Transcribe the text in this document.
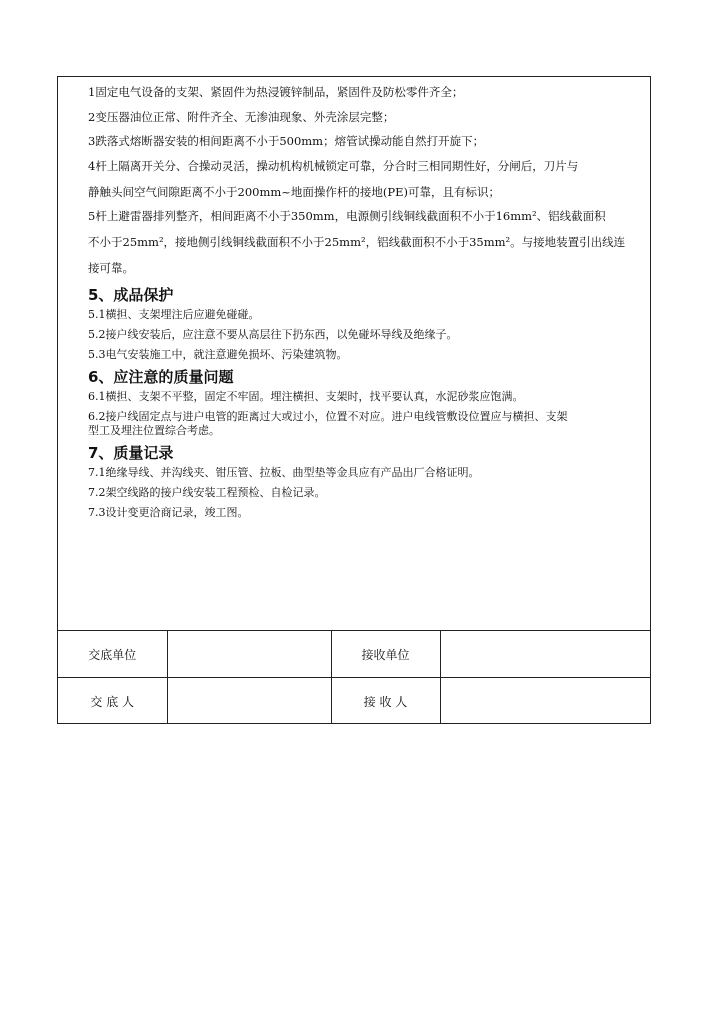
1固定电气设备的支架、紧固件为热浸镀锌制品，紧固件及防松零件齐全；
2变压器油位正常、附件齐全、无渗油现象、外壳涂层完整；
3跌落式熔断器安装的相间距离不小于500mm；熔管试操动能自然打开旋下；
4杆上隔离开关分、合操动灵活，操动机构机械锁定可靠，分合时三相同期性好，分闸后，刀片与
静触头间空气间隙距离不小于200mm~地面操作杆的接地(PE)可靠，且有标识；
5杆上避雷器排列整齐，相间距离不小于350mm，电源侧引线铜线截面积不小于16mm²、铝线截面积
不小于25mm²，接地侧引线铜线截面积不小于25mm²，铝线截面积不小于35mm²。与接地装置引出线连
接可靠。
5、成品保护
5.1横担、支架埋注后应避免碰碰。
5.2接户线安装后，应注意不要从高层往下扔东西，以免碰坏导线及绝缘子。
5.3电气安装施工中，就注意避免损坏、污染建筑物。
6、应注意的质量问题
6.1横担、支架不平整，固定不牢固。埋注横担、支架时，找平要认真，水泥砂浆应饱满。
6.2接户线固定点与进户电管的距离过大或过小，位置不对应。进户电线管敷设位置应与横担、支架
型工及埋注位置综合考虑。
7、质量记录
7.1绝缘导线、并沟线夹、钳压管、拉板、曲型垫等金具应有产品出厂合格证明。
7.2架空线路的接户线安装工程预检、自检记录。
7.3设计变更洽商记录，竣工图。
交底单位		接收单位	
交 底 人		接 收 人	
